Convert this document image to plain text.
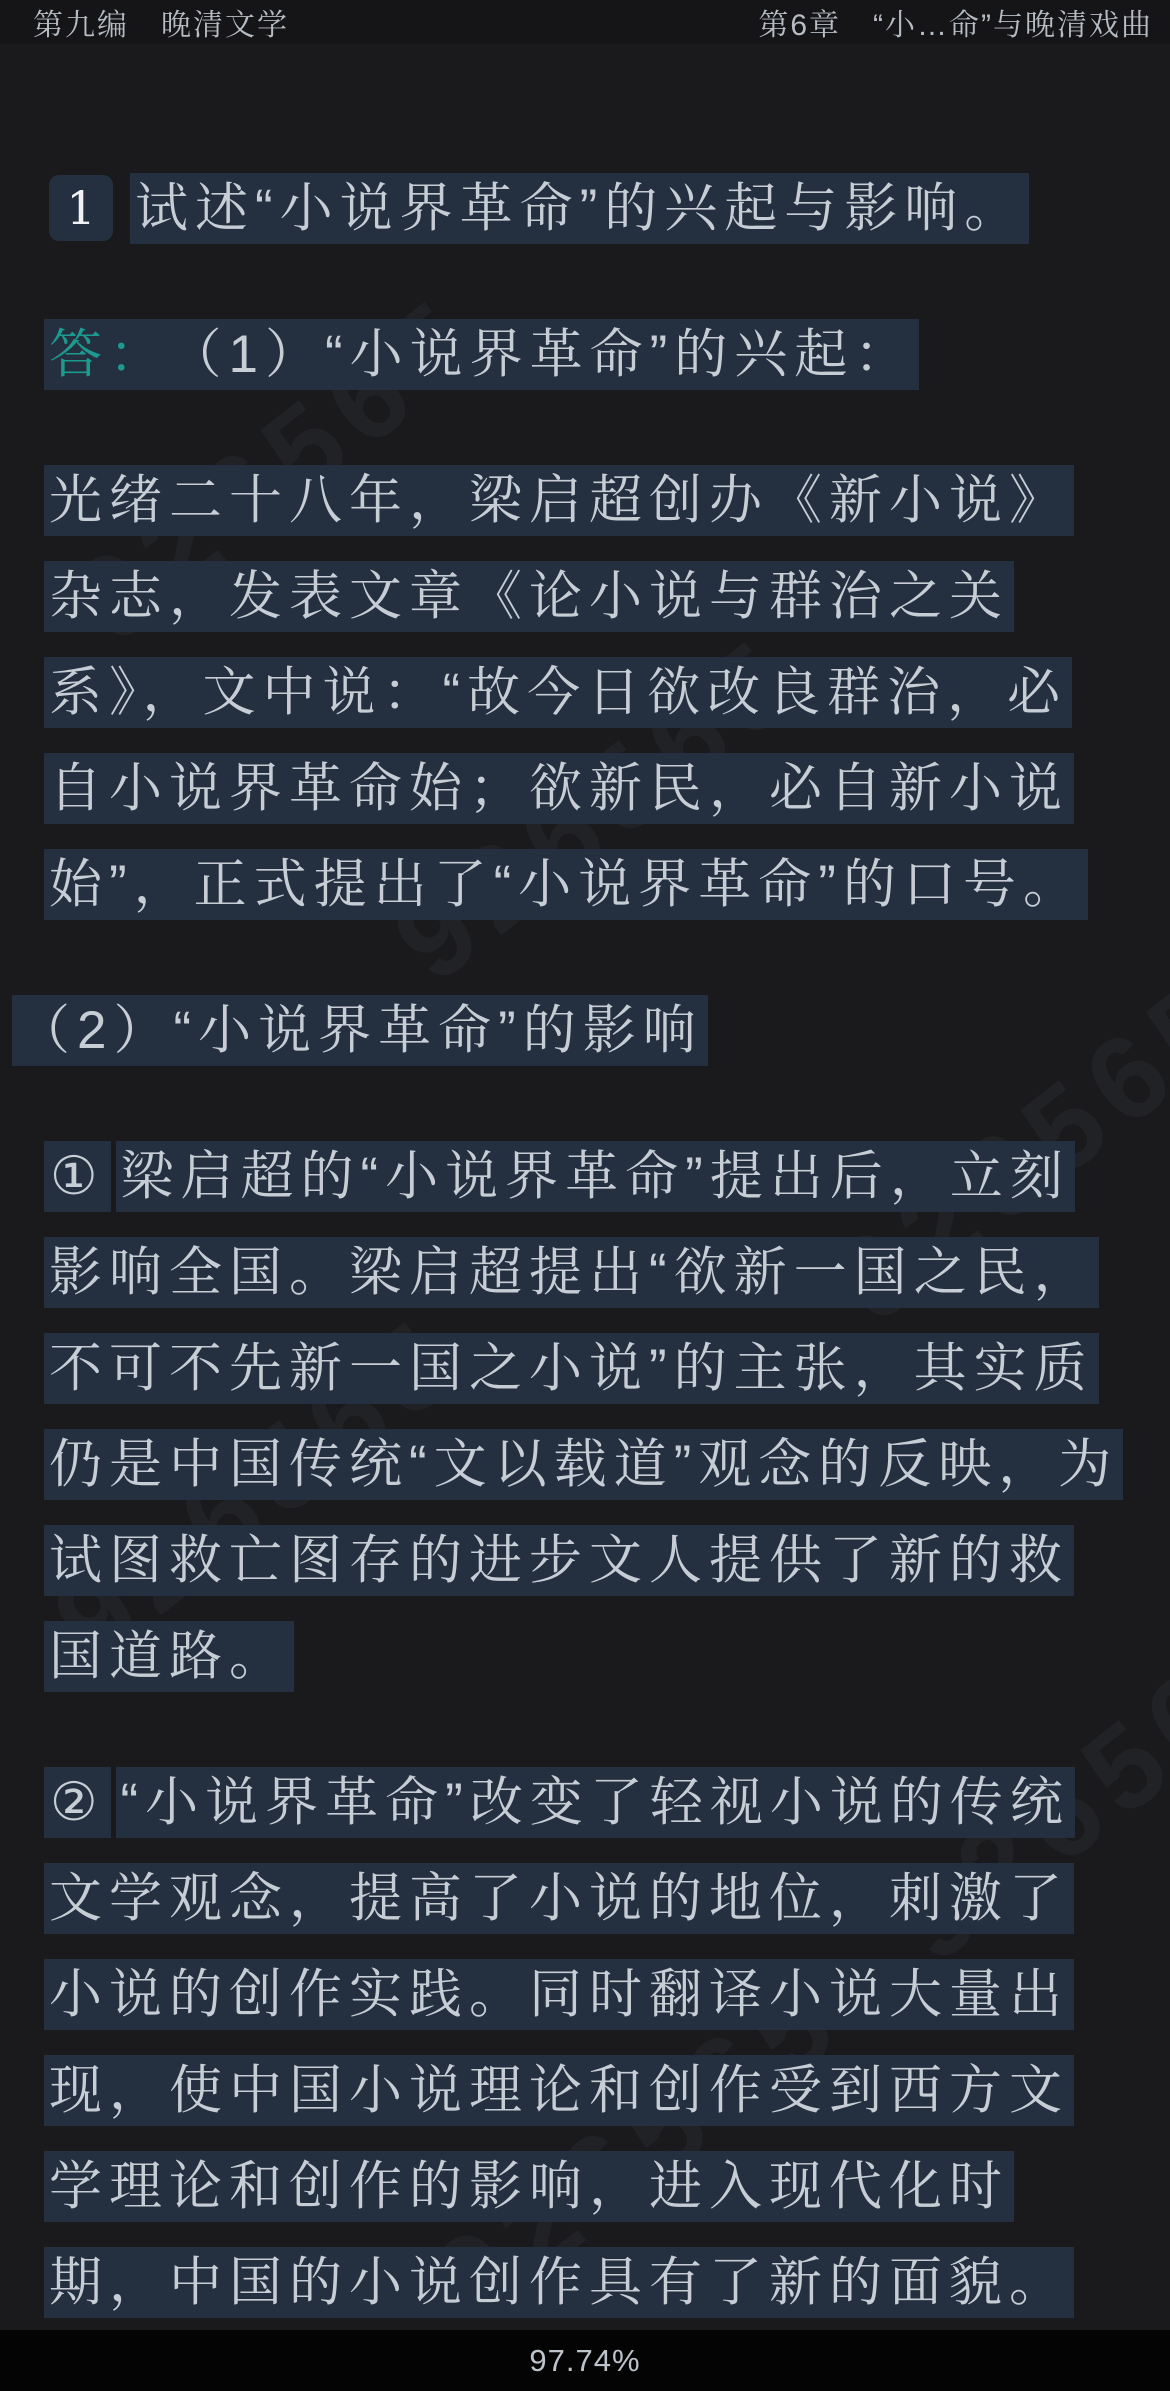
第九编　晚清文学	第6章　“小…命”与晚清戏曲
1 试述“小说界革命”的兴起与影响。
答： （1）“小说界革命”的兴起：
光绪二十八年，梁启超创办《新小说》
杂志，发表文章《论小说与群治之关
系》，文中说：“故今日欲改良群治，必
自小说界革命始；欲新民，必自新小说
始”，正式提出了“小说界革命”的口号。
（2）“小说界革命”的影响
① 梁启超的“小说界革命”提出后，立刻
影响全国。梁启超提出“欲新一国之民，
不可不先新一国之小说”的主张，其实质
仍是中国传统“文以载道”观念的反映，为
试图救亡图存的进步文人提供了新的救
国道路。
② “小说界革命”改变了轻视小说的传统
文学观念，提高了小说的地位，刺激了
小说的创作实践。同时翻译小说大量出
现，使中国小说理论和创作受到西方文
学理论和创作的影响，进入现代化时
期，中国的小说创作具有了新的面貌。
97.74%
